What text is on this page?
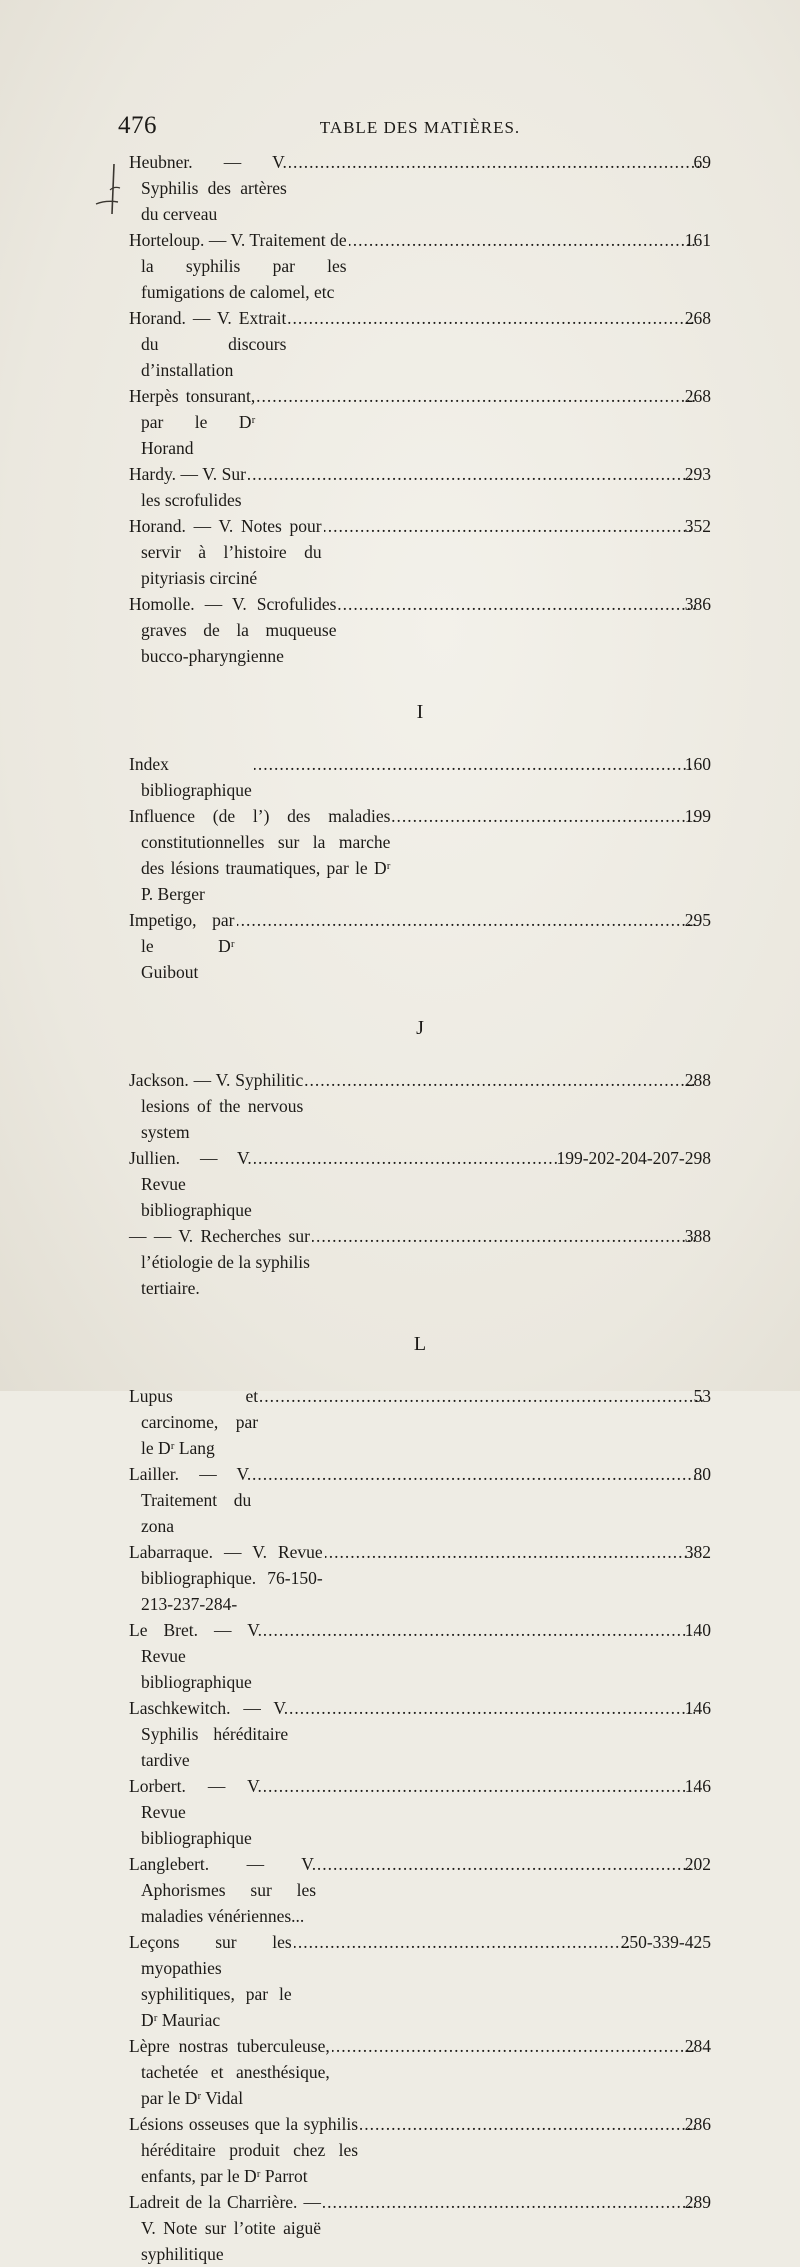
476	TABLE DES MATIÈRES.
Heubner. — V. Syphilis des artères du cerveau
.....
69
Horteloup. — V. Traitement de la syphilis par les fumigations de calomel, etc
.....
161
Horand. — V. Extrait du discours d’installation
.....
268
Herpès tonsurant, par le Dʳ Horand
.....
268
Hardy. — V. Sur les scrofulides
.....
293
Horand. — V. Notes pour servir à l’histoire du pityriasis circiné
.....
352
Homolle. — V. Scrofulides graves de la muqueuse bucco-pharyngienne
.....
386
I
Index bibliographique
.....
160
Influence (de l’) des maladies constitutionnelles sur la marche des lésions traumatiques, par le Dʳ P. Berger
.....
199
Impetigo, par le Dʳ Guibout
.....
295
J
Jackson. — V. Syphilitic lesions of the nervous system
.....
288
Jullien. — V. Revue bibliographique
.....
199-202-204-207-298
— — V. Recherches sur l’étiologie de la syphilis tertiaire.
.....
388
L
Lupus et carcinome, par le Dʳ Lang
.....
53
Lailler. — V. Traitement du zona
.....
80
Labarraque. — V. Revue bibliographique. 76-150-213-237-284-
.....
382
Le Bret. — V. Revue bibliographique
.....
140
Laschkewitch. — V. Syphilis héréditaire tardive
.....
146
Lorbert. — V. Revue bibliographique
.....
146
Langlebert. — V. Aphorismes sur les maladies vénériennes...
.....
202
Leçons sur les myopathies syphilitiques, par le Dʳ Mauriac
.....
250-339-425
Lèpre nostras tuberculeuse, tachetée et anesthésique, par le Dʳ Vidal
.....
284
Lésions osseuses que la syphilis héréditaire produit chez les enfants, par le Dʳ Parrot
.....
286
Ladreit de la Charrière. — V. Note sur l’otite aiguë syphilitique
.....
289
